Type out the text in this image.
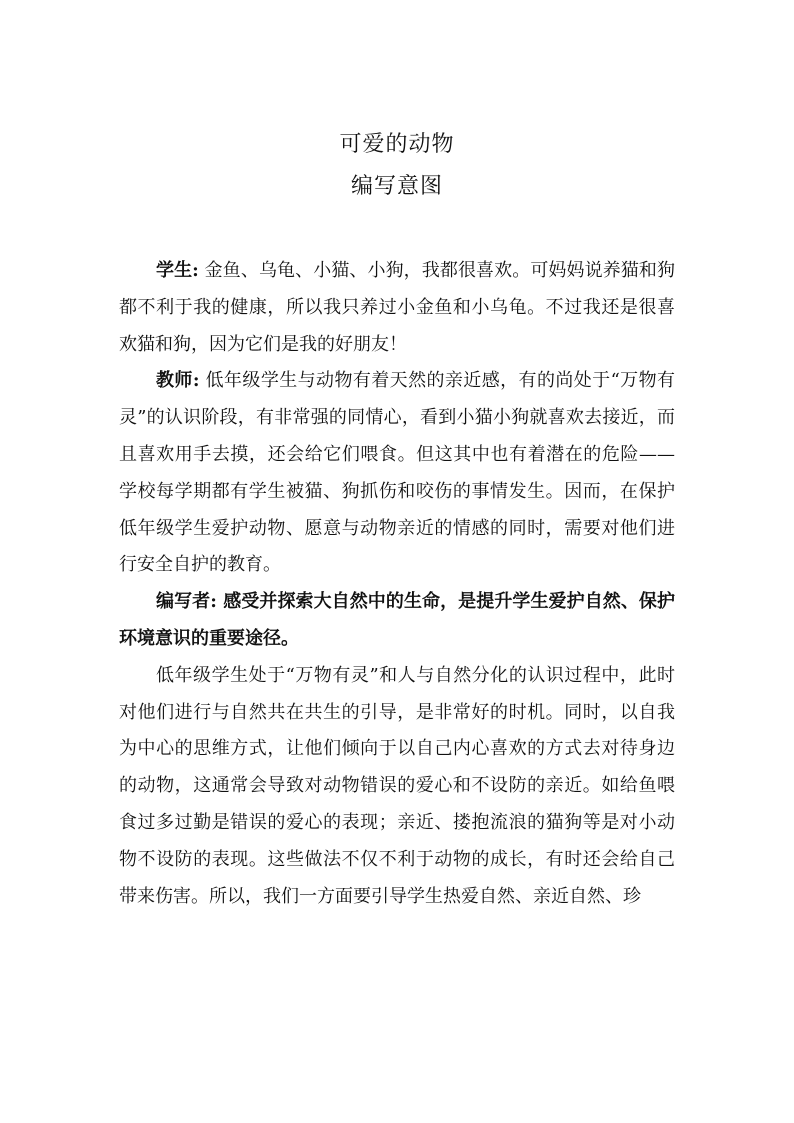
可爱的动物
编写意图

学生: 金鱼、乌龟、小猫、小狗，我都很喜欢。可妈妈说养猫和狗都不利于我的健康，所以我只养过小金鱼和小乌龟。不过我还是很喜欢猫和狗，因为它们是我的好朋友！

教师: 低年级学生与动物有着天然的亲近感，有的尚处于“万物有灵”的认识阶段，有非常强的同情心，看到小猫小狗就喜欢去接近，而且喜欢用手去摸，还会给它们喂食。但这其中也有着潜在的危险——学校每学期都有学生被猫、狗抓伤和咬伤的事情发生。因而，在保护低年级学生爱护动物、愿意与动物亲近的情感的同时，需要对他们进行安全自护的教育。

编写者: 感受并探索大自然中的生命，是提升学生爱护自然、保护环境意识的重要途径。

低年级学生处于“万物有灵”和人与自然分化的认识过程中，此时对他们进行与自然共在共生的引导，是非常好的时机。同时，以自我为中心的思维方式，让他们倾向于以自己内心喜欢的方式去对待身边的动物，这通常会导致对动物错误的爱心和不设防的亲近。如给鱼喂食过多过勤是错误的爱心的表现；亲近、搂抱流浪的猫狗等是对小动物不设防的表现。这些做法不仅不利于动物的成长，有时还会给自己带来伤害。所以，我们一方面要引导学生热爱自然、亲近自然、珍
